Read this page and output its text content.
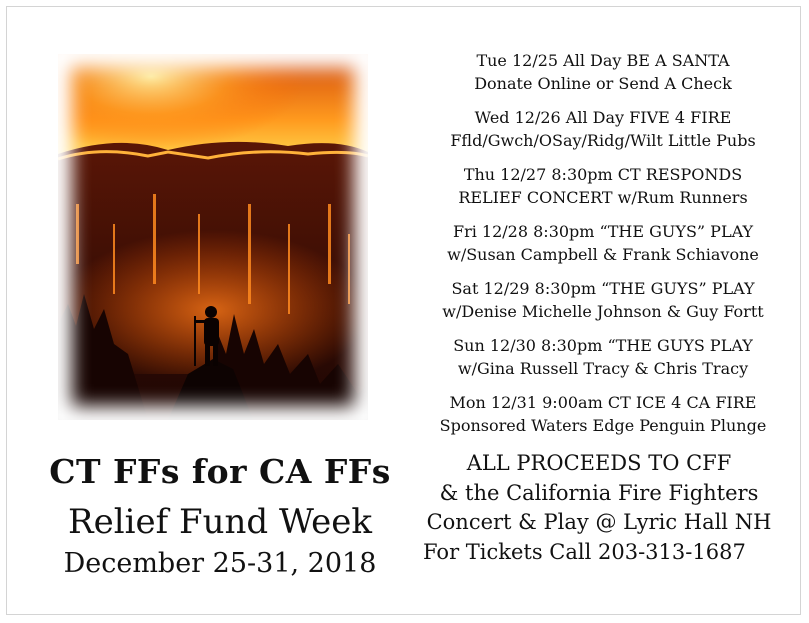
CT FFs for CA FFs
Relief Fund Week
December 25-31, 2018
Tue 12/25 All Day BE A SANTA
Donate Online or Send A Check
Wed 12/26 All Day FIVE 4 FIRE
Ffld/Gwch/OSay/Ridg/Wilt Little Pubs
Thu 12/27 8:30pm CT RESPONDS
RELIEF CONCERT w/Rum Runners
Fri 12/28 8:30pm “THE GUYS” PLAY
w/Susan Campbell & Frank Schiavone
Sat 12/29 8:30pm “THE GUYS” PLAY
w/Denise Michelle Johnson & Guy Fortt
Sun 12/30 8:30pm “THE GUYS PLAY
w/Gina Russell Tracy & Chris Tracy
Mon 12/31 9:00am CT ICE 4 CA FIRE
Sponsored Waters Edge Penguin Plunge
ALL PROCEEDS TO CFF
& the California Fire Fighters
Concert & Play @ Lyric Hall NH
For Tickets Call 203-313-1687
